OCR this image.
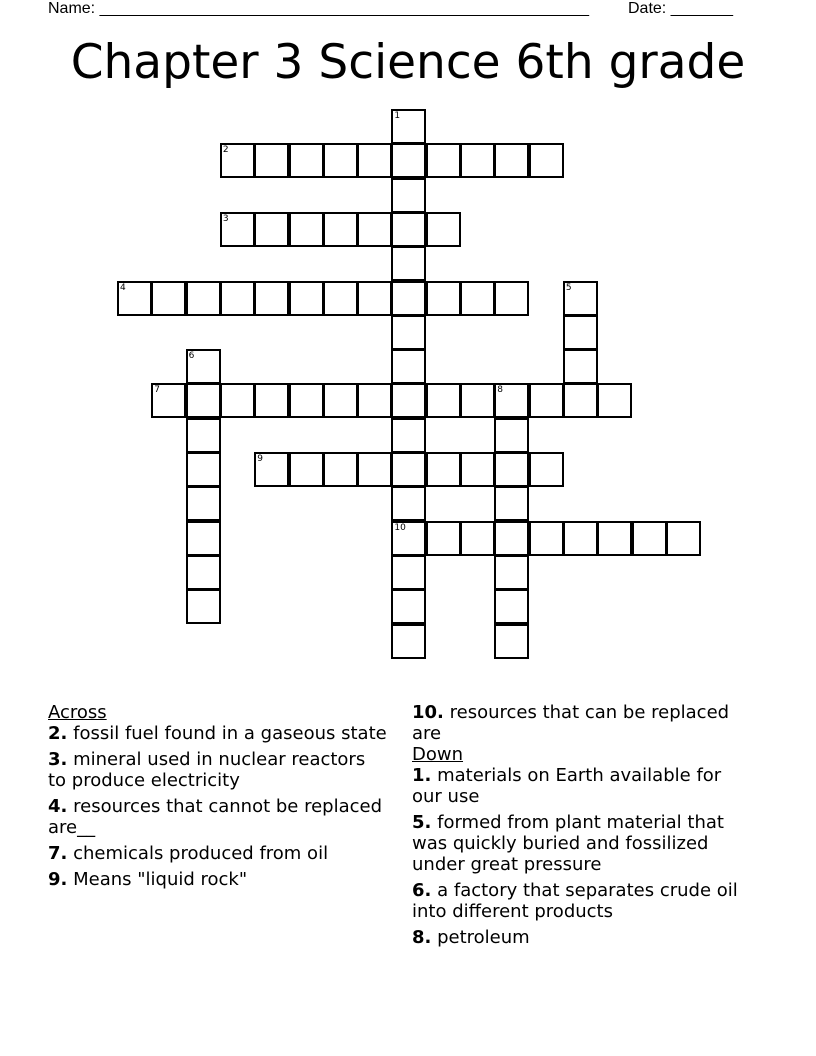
Name: _______________________________________________________ Date: _______
Chapter 3 Science 6th grade
1
10
2
3
4	5
6
7	8
9
Across
2. fossil fuel found in a gaseous state
3. mineral used in nuclear reactors to produce electricity
4. resources that cannot be replaced are__
7. chemicals produced from oil
9. Means "liquid rock"
10. resources that can be replaced are
Down
1. materials on Earth available for our use
5. formed from plant material that was quickly buried and fossilized under great pressure
6. a factory that separates crude oil into different products
8. petroleum
